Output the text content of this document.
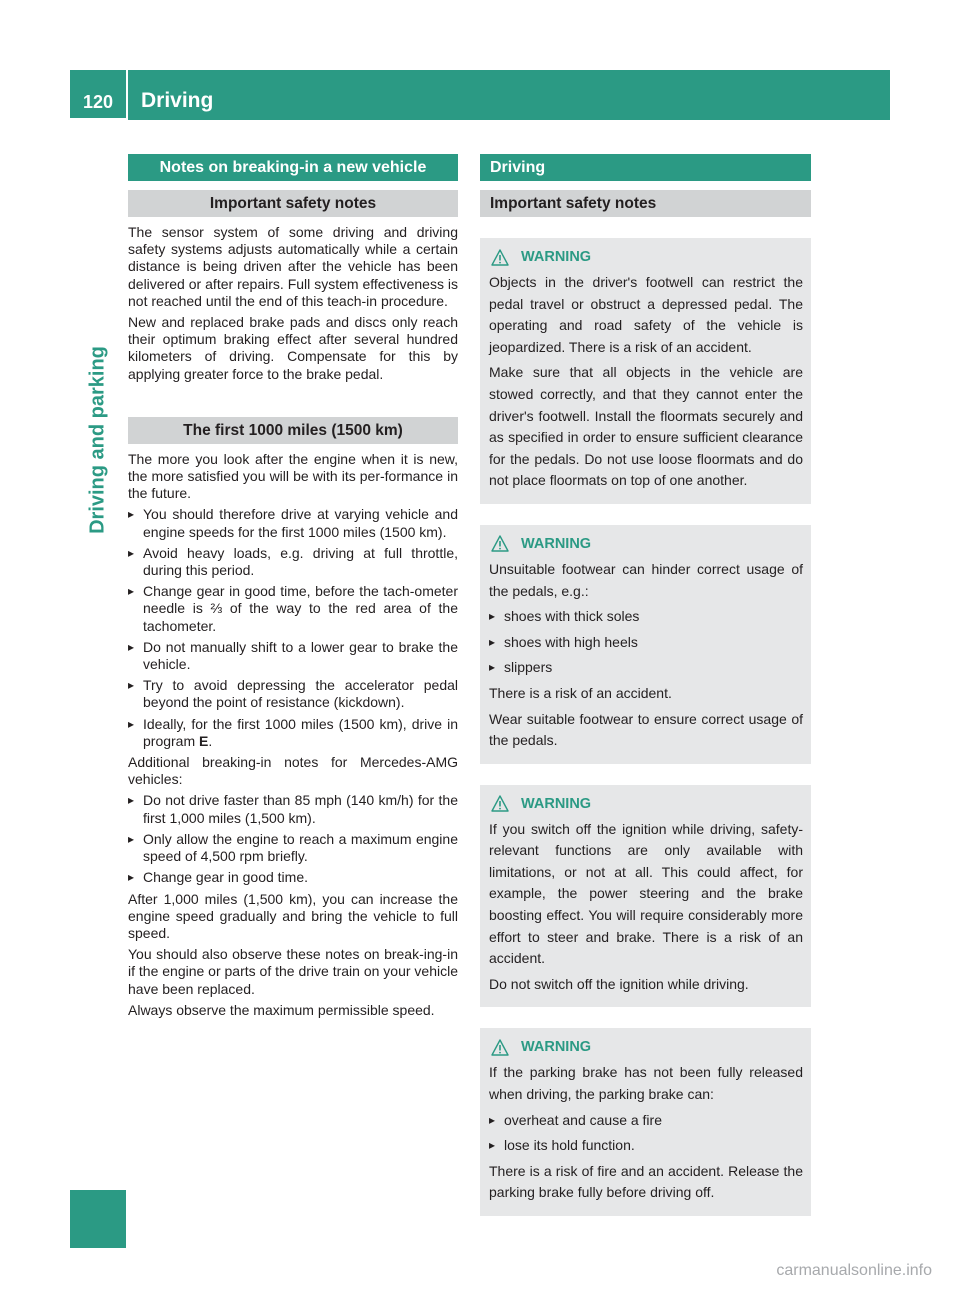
120	Driving
Driving and parking
Notes on breaking-in a new vehicle
Important safety notes

The sensor system of some driving and driving safety systems adjusts automatically while a certain distance is being driven after the vehicle has been delivered or after repairs. Full system effectiveness is not reached until the end of this teach-in procedure.

New and replaced brake pads and discs only reach their optimum braking effect after several hundred kilometers of driving. Compensate for this by applying greater force to the brake pedal.

The first 1000 miles (1500 km)

The more you look after the engine when it is new, the more satisfied you will be with its per-formance in the future.

▸ You should therefore drive at varying vehicle and engine speeds for the first 1000 miles (1500 km).
▸ Avoid heavy loads, e.g. driving at full throttle, during this period.
▸ Change gear in good time, before the tach-ometer needle is ⅔ of the way to the red area of the tachometer.
▸ Do not manually shift to a lower gear to brake the vehicle.
▸ Try to avoid depressing the accelerator pedal beyond the point of resistance (kickdown).
▸ Ideally, for the first 1000 miles (1500 km), drive in program E.

Additional breaking-in notes for Mercedes-AMG vehicles:

▸ Do not drive faster than 85 mph (140 km/h) for the first 1,000 miles (1,500 km).
▸ Only allow the engine to reach a maximum engine speed of 4,500 rpm briefly.
▸ Change gear in good time.

After 1,000 miles (1,500 km), you can increase the engine speed gradually and bring the vehicle to full speed.

You should also observe these notes on break-ing-in if the engine or parts of the drive train on your vehicle have been replaced.

Always observe the maximum permissible speed.

Driving
Important safety notes
WARNING

Objects in the driver's footwell can restrict the pedal travel or obstruct a depressed pedal. The operating and road safety of the vehicle is jeopardized. There is a risk of an accident.

Make sure that all objects in the vehicle are stowed correctly, and that they cannot enter the driver's footwell. Install the floormats securely and as specified in order to ensure sufficient clearance for the pedals. Do not use loose floormats and do not place floormats on top of one another.

WARNING

Unsuitable footwear can hinder correct usage of the pedals, e.g.:

▸ shoes with thick soles
▸ shoes with high heels
▸ slippers

There is a risk of an accident.

Wear suitable footwear to ensure correct usage of the pedals.

WARNING

If you switch off the ignition while driving, safety-relevant functions are only available with limitations, or not at all. This could affect, for example, the power steering and the brake boosting effect. You will require considerably more effort to steer and brake. There is a risk of an accident.

Do not switch off the ignition while driving.

WARNING

If the parking brake has not been fully released when driving, the parking brake can:

▸ overheat and cause a fire
▸ lose its hold function.

There is a risk of fire and an accident. Release the parking brake fully before driving off.

carmanualsonline.info
